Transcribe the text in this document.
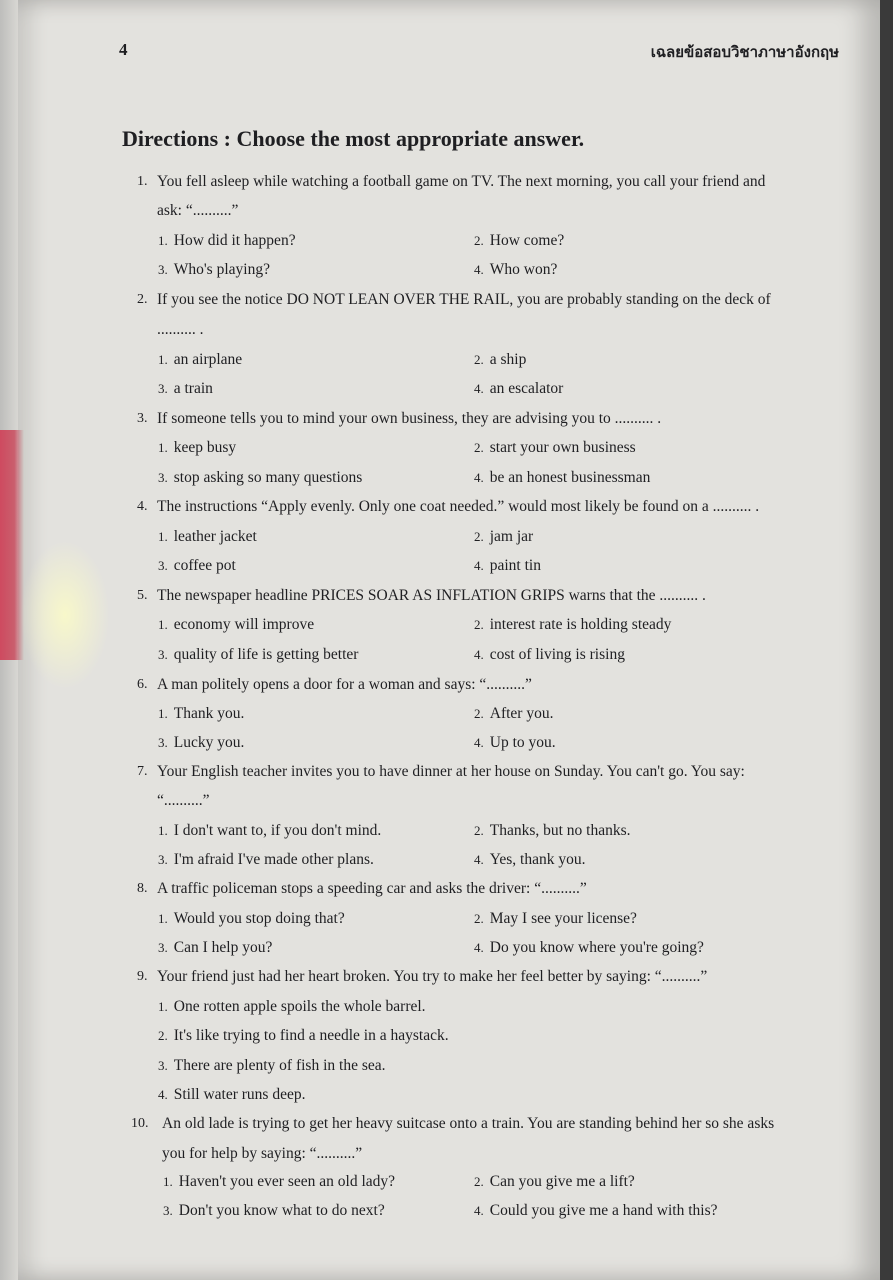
4	เฉลยข้อสอบวิชาภาษาอังกฤษ
Directions : Choose the most appropriate answer.
1. You fell asleep while watching a football game on TV. The next morning, you call your friend and
ask: “..........”
1. How did it happen?	2. How come?
3. Who's playing?	4. Who won?
2. If you see the notice DO NOT LEAN OVER THE RAIL, you are probably standing on the deck of
.......... .
1. an airplane	2. a ship
3. a train	4. an escalator
3. If someone tells you to mind your own business, they are advising you to .......... .
1. keep busy	2. start your own business
3. stop asking so many questions	4. be an honest businessman
4. The instructions “Apply evenly. Only one coat needed.” would most likely be found on a .......... .
1. leather jacket	2. jam jar
3. coffee pot	4. paint tin
5. The newspaper headline PRICES SOAR AS INFLATION GRIPS warns that the .......... .
1. economy will improve	2. interest rate is holding steady
3. quality of life is getting better	4. cost of living is rising
6. A man politely opens a door for a woman and says: “..........”
1. Thank you.	2. After you.
3. Lucky you.	4. Up to you.
7. Your English teacher invites you to have dinner at her house on Sunday. You can't go. You say:
“..........”
1. I don't want to, if you don't mind.	2. Thanks, but no thanks.
3. I'm afraid I've made other plans.	4. Yes, thank you.
8. A traffic policeman stops a speeding car and asks the driver: “..........”
1. Would you stop doing that?	2. May I see your license?
3. Can I help you?	4. Do you know where you're going?
9. Your friend just had her heart broken. You try to make her feel better by saying: “..........”
1. One rotten apple spoils the whole barrel.
2. It's like trying to find a needle in a haystack.
3. There are plenty of fish in the sea.
4. Still water runs deep.
10. An old lade is trying to get her heavy suitcase onto a train. You are standing behind her so she asks
you for help by saying: “..........”
1. Haven't you ever seen an old lady?	2. Can you give me a lift?
3. Don't you know what to do next?	4. Could you give me a hand with this?
